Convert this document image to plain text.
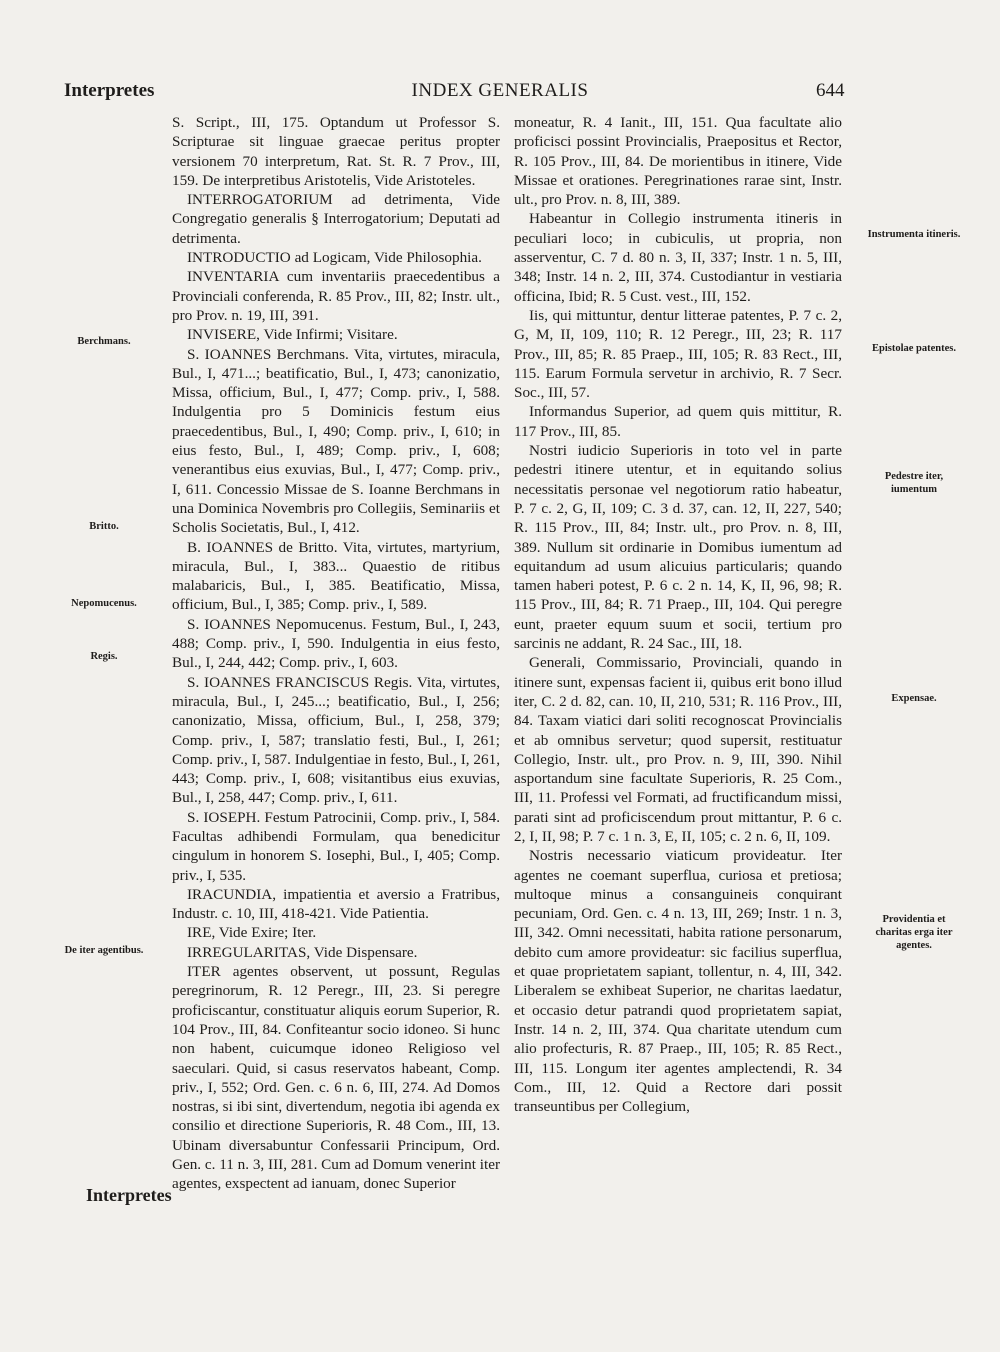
Interpretes	INDEX GENERALIS	644

S. Script., III, 175. Optandum ut Professor S. Scripturae sit linguae graecae peritus propter versionem 70 interpretum, Rat. St. R. 7 Prov., III, 159. De interpretibus Aristotelis, Vide Aristoteles.

INTERROGATORIUM ad detrimenta, Vide Congregatio generalis § Interrogatorium; Deputati ad detrimenta.

INTRODUCTIO ad Logicam, Vide Philosophia.

INVENTARIA cum inventariis praecedentibus a Provinciali conferenda, R. 85 Prov., III, 82; Instr. ult., pro Prov. n. 19, III, 391.

INVISERE, Vide Infirmi; Visitare.

S. IOANNES Berchmans. Vita, virtutes, miracula, Bul., I, 471...; beatificatio, Bul., I, 473; canonizatio, Missa, officium, Bul., I, 477; Comp. priv., I, 588. Indulgentia pro 5 Dominicis festum eius praecedentibus, Bul., I, 490; Comp. priv., I, 610; in eius festo, Bul., I, 489; Comp. priv., I, 608; venerantibus eius exuvias, Bul., I, 477; Comp. priv., I, 611. Concessio Missae de S. Ioanne Berchmans in una Dominica Novembris pro Collegiis, Seminariis et Scholis Societatis, Bul., I, 412.

B. IOANNES de Britto. Vita, virtutes, martyrium, miracula, Bul., I, 383... Quaestio de ritibus malabaricis, Bul., I, 385. Beatificatio, Missa, officium, Bul., I, 385; Comp. priv., I, 589.

S. IOANNES Nepomucenus. Festum, Bul., I, 243, 488; Comp. priv., I, 590. Indulgentia in eius festo, Bul., I, 244, 442; Comp. priv., I, 603.

S. IOANNES FRANCISCUS Regis. Vita, virtutes, miracula, Bul., I, 245...; beatificatio, Bul., I, 256; canonizatio, Missa, officium, Bul., I, 258, 379; Comp. priv., I, 587; translatio festi, Bul., I, 261; Comp. priv., I, 587. Indulgentiae in festo, Bul., I, 261, 443; Comp. priv., I, 608; visitantibus eius exuvias, Bul., I, 258, 447; Comp. priv., I, 611.

S. IOSEPH. Festum Patrocinii, Comp. priv., I, 584. Facultas adhibendi Formulam, qua benedicitur cingulum in honorem S. Iosephi, Bul., I, 405; Comp. priv., I, 535.

IRACUNDIA, impatientia et aversio a Fratribus, Industr. c. 10, III, 418-421. Vide Patientia.

IRE, Vide Exire; Iter.

IRREGULARITAS, Vide Dispensare.

ITER agentes observent, ut possunt, Regulas peregrinorum, R. 12 Peregr., III, 23. Si peregre proficiscantur, constituatur aliquis eorum Superior, R. 104 Prov., III, 84. Confiteantur socio idoneo. Si hunc non habent, cuicumque idoneo Religioso vel saeculari. Quid, si casus reservatos habeant, Comp. priv., I, 552; Ord. Gen. c. 6 n. 6, III, 274. Ad Domos nostras, si ibi sint, divertendum, negotia ibi agenda ex consilio et directione Superioris, R. 48 Com., III, 13. Ubinam diversabuntur Confessarii Principum, Ord. Gen. c. 11 n. 3, III, 281. Cum ad Domum venerint iter agentes, exspectent ad ianuam, donec Superior

moneatur, R. 4 Ianit., III, 151. Qua facultate alio proficisci possint Provincialis, Praepositus et Rector, R. 105 Prov., III, 84. De morientibus in itinere, Vide Missae et orationes. Peregrinationes rarae sint, Instr. ult., pro Prov. n. 8, III, 389.

Habeantur in Collegio instrumenta itineris in peculiari loco; in cubiculis, ut propria, non asserventur, C. 7 d. 80 n. 3, II, 337; Instr. 1 n. 5, III, 348; Instr. 14 n. 2, III, 374. Custodiantur in vestiaria officina, Ibid; R. 5 Cust. vest., III, 152.

Iis, qui mittuntur, dentur litterae patentes, P. 7 c. 2, G, M, II, 109, 110; R. 12 Peregr., III, 23; R. 117 Prov., III, 85; R. 85 Praep., III, 105; R. 83 Rect., III, 115. Earum Formula servetur in archivio, R. 7 Secr. Soc., III, 57.

Informandus Superior, ad quem quis mittitur, R. 117 Prov., III, 85.

Nostri iudicio Superioris in toto vel in parte pedestri itinere utentur, et in equitando solius necessitatis personae vel negotiorum ratio habeatur, P. 7 c. 2, G, II, 109; C. 3 d. 37, can. 12, II, 227, 540; R. 115 Prov., III, 84; Instr. ult., pro Prov. n. 8, III, 389. Nullum sit ordinarie in Domibus iumentum ad equitandum ad usum alicuius particularis; quando tamen haberi potest, P. 6 c. 2 n. 14, K, II, 96, 98; R. 115 Prov., III, 84; R. 71 Praep., III, 104. Qui peregre eunt, praeter equum suum et socii, tertium pro sarcinis ne addant, R. 24 Sac., III, 18.

Generali, Commissario, Provinciali, quando in itinere sunt, expensas facient ii, quibus erit bono illud iter, C. 2 d. 82, can. 10, II, 210, 531; R. 116 Prov., III, 84. Taxam viatici dari soliti recognoscat Provincialis et ab omnibus servetur; quod supersit, restituatur Collegio, Instr. ult., pro Prov. n. 9, III, 390. Nihil asportandum sine facultate Superioris, R. 25 Com., III, 11. Professi vel Formati, ad fructificandum missi, parati sint ad proficiscendum prout mittantur, P. 6 c. 2, I, II, 98; P. 7 c. 1 n. 3, E, II, 105; c. 2 n. 6, II, 109.

Nostris necessario viaticum provideatur. Iter agentes ne coemant superflua, curiosa et pretiosa; multoque minus a consanguineis conquirant pecuniam, Ord. Gen. c. 4 n. 13, III, 269; Instr. 1 n. 3, III, 342. Omni necessitati, habita ratione personarum, debito cum amore provideatur: sic facilius superflua, et quae proprietatem sapiant, tollentur, n. 4, III, 342. Liberalem se exhibeat Superior, ne charitas laedatur, et occasio detur patrandi quod proprietatem sapiat, Instr. 14 n. 2, III, 374. Qua charitate utendum cum alio profecturis, R. 87 Praep., III, 105; R. 85 Rect., III, 115. Longum iter agentes amplectendi, R. 34 Com., III, 12. Quid a Rectore dari possit transeuntibus per Collegium,

Berchmans.
Britto.
Nepomucenus.
Regis.
De iter agentibus.
Instrumenta itineris.
Epistolae patentes.
Pedestre iter, iumentum
Expensae.
Providentia et charitas erga iter agentes.
Interpretes
